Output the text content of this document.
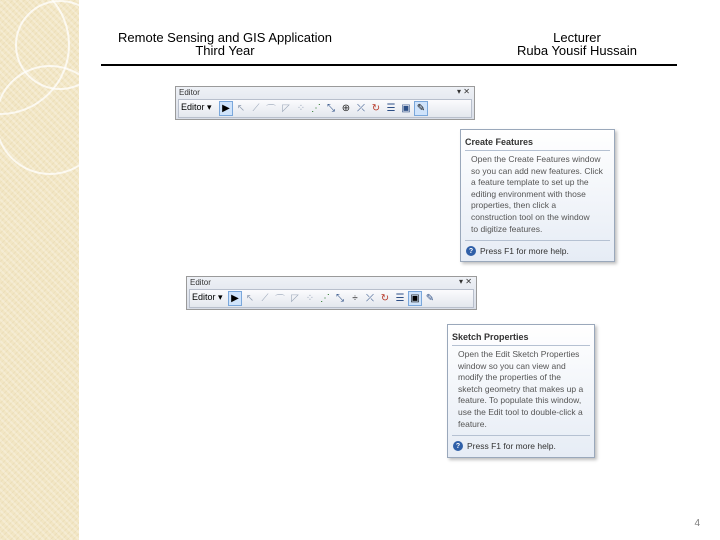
Remote Sensing and GIS Application
Third Year
Lecturer
Ruba Yousif Hussain
Editor	▾ ✕
Editor ▾	▶ ↖ ⟋ ⌒ ◸ ⁘ ⋰ ⤡ ⊕ ⤫ ↻ ☰ ▣ ✎
Create Features
Open the Create Features window
so you can add new features. Click
a feature template to set up the
editing environment with those
properties, then click a
construction tool on the window
to digitize features.
? Press F1 for more help.
Editor	▾ ✕
Editor ▾ ▶ ↖ ⟋ ⌒ ◸ ⁘ ⋰ ⤡ ÷ ⤫ ↻ ☰ ▣ ✎
Sketch Properties
Open the Edit Sketch Properties
window so you can view and
modify the properties of the
sketch geometry that makes up a
feature. To populate this window,
use the Edit tool to double-click a
feature.
? Press F1 for more help.
4
